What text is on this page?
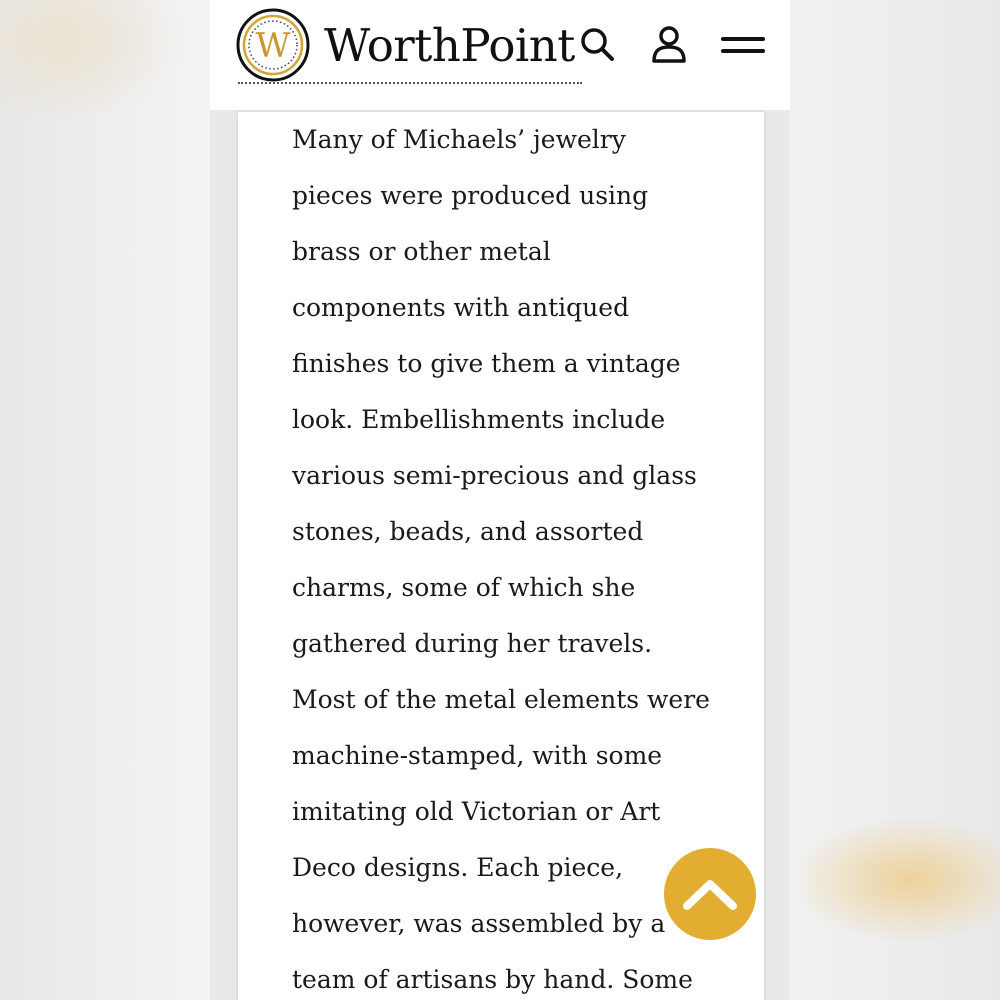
W WorthPoint
Many of Michaels’ jewelry
pieces were produced using
brass or other metal
components with antiqued
finishes to give them a vintage
look. Embellishments include
various semi-precious and glass
stones, beads, and assorted
charms, some of which she
gathered during her travels.
Most of the metal elements were
machine-stamped, with some
imitating old Victorian or Art
Deco designs. Each piece,
however, was assembled by a
team of artisans by hand. Some
